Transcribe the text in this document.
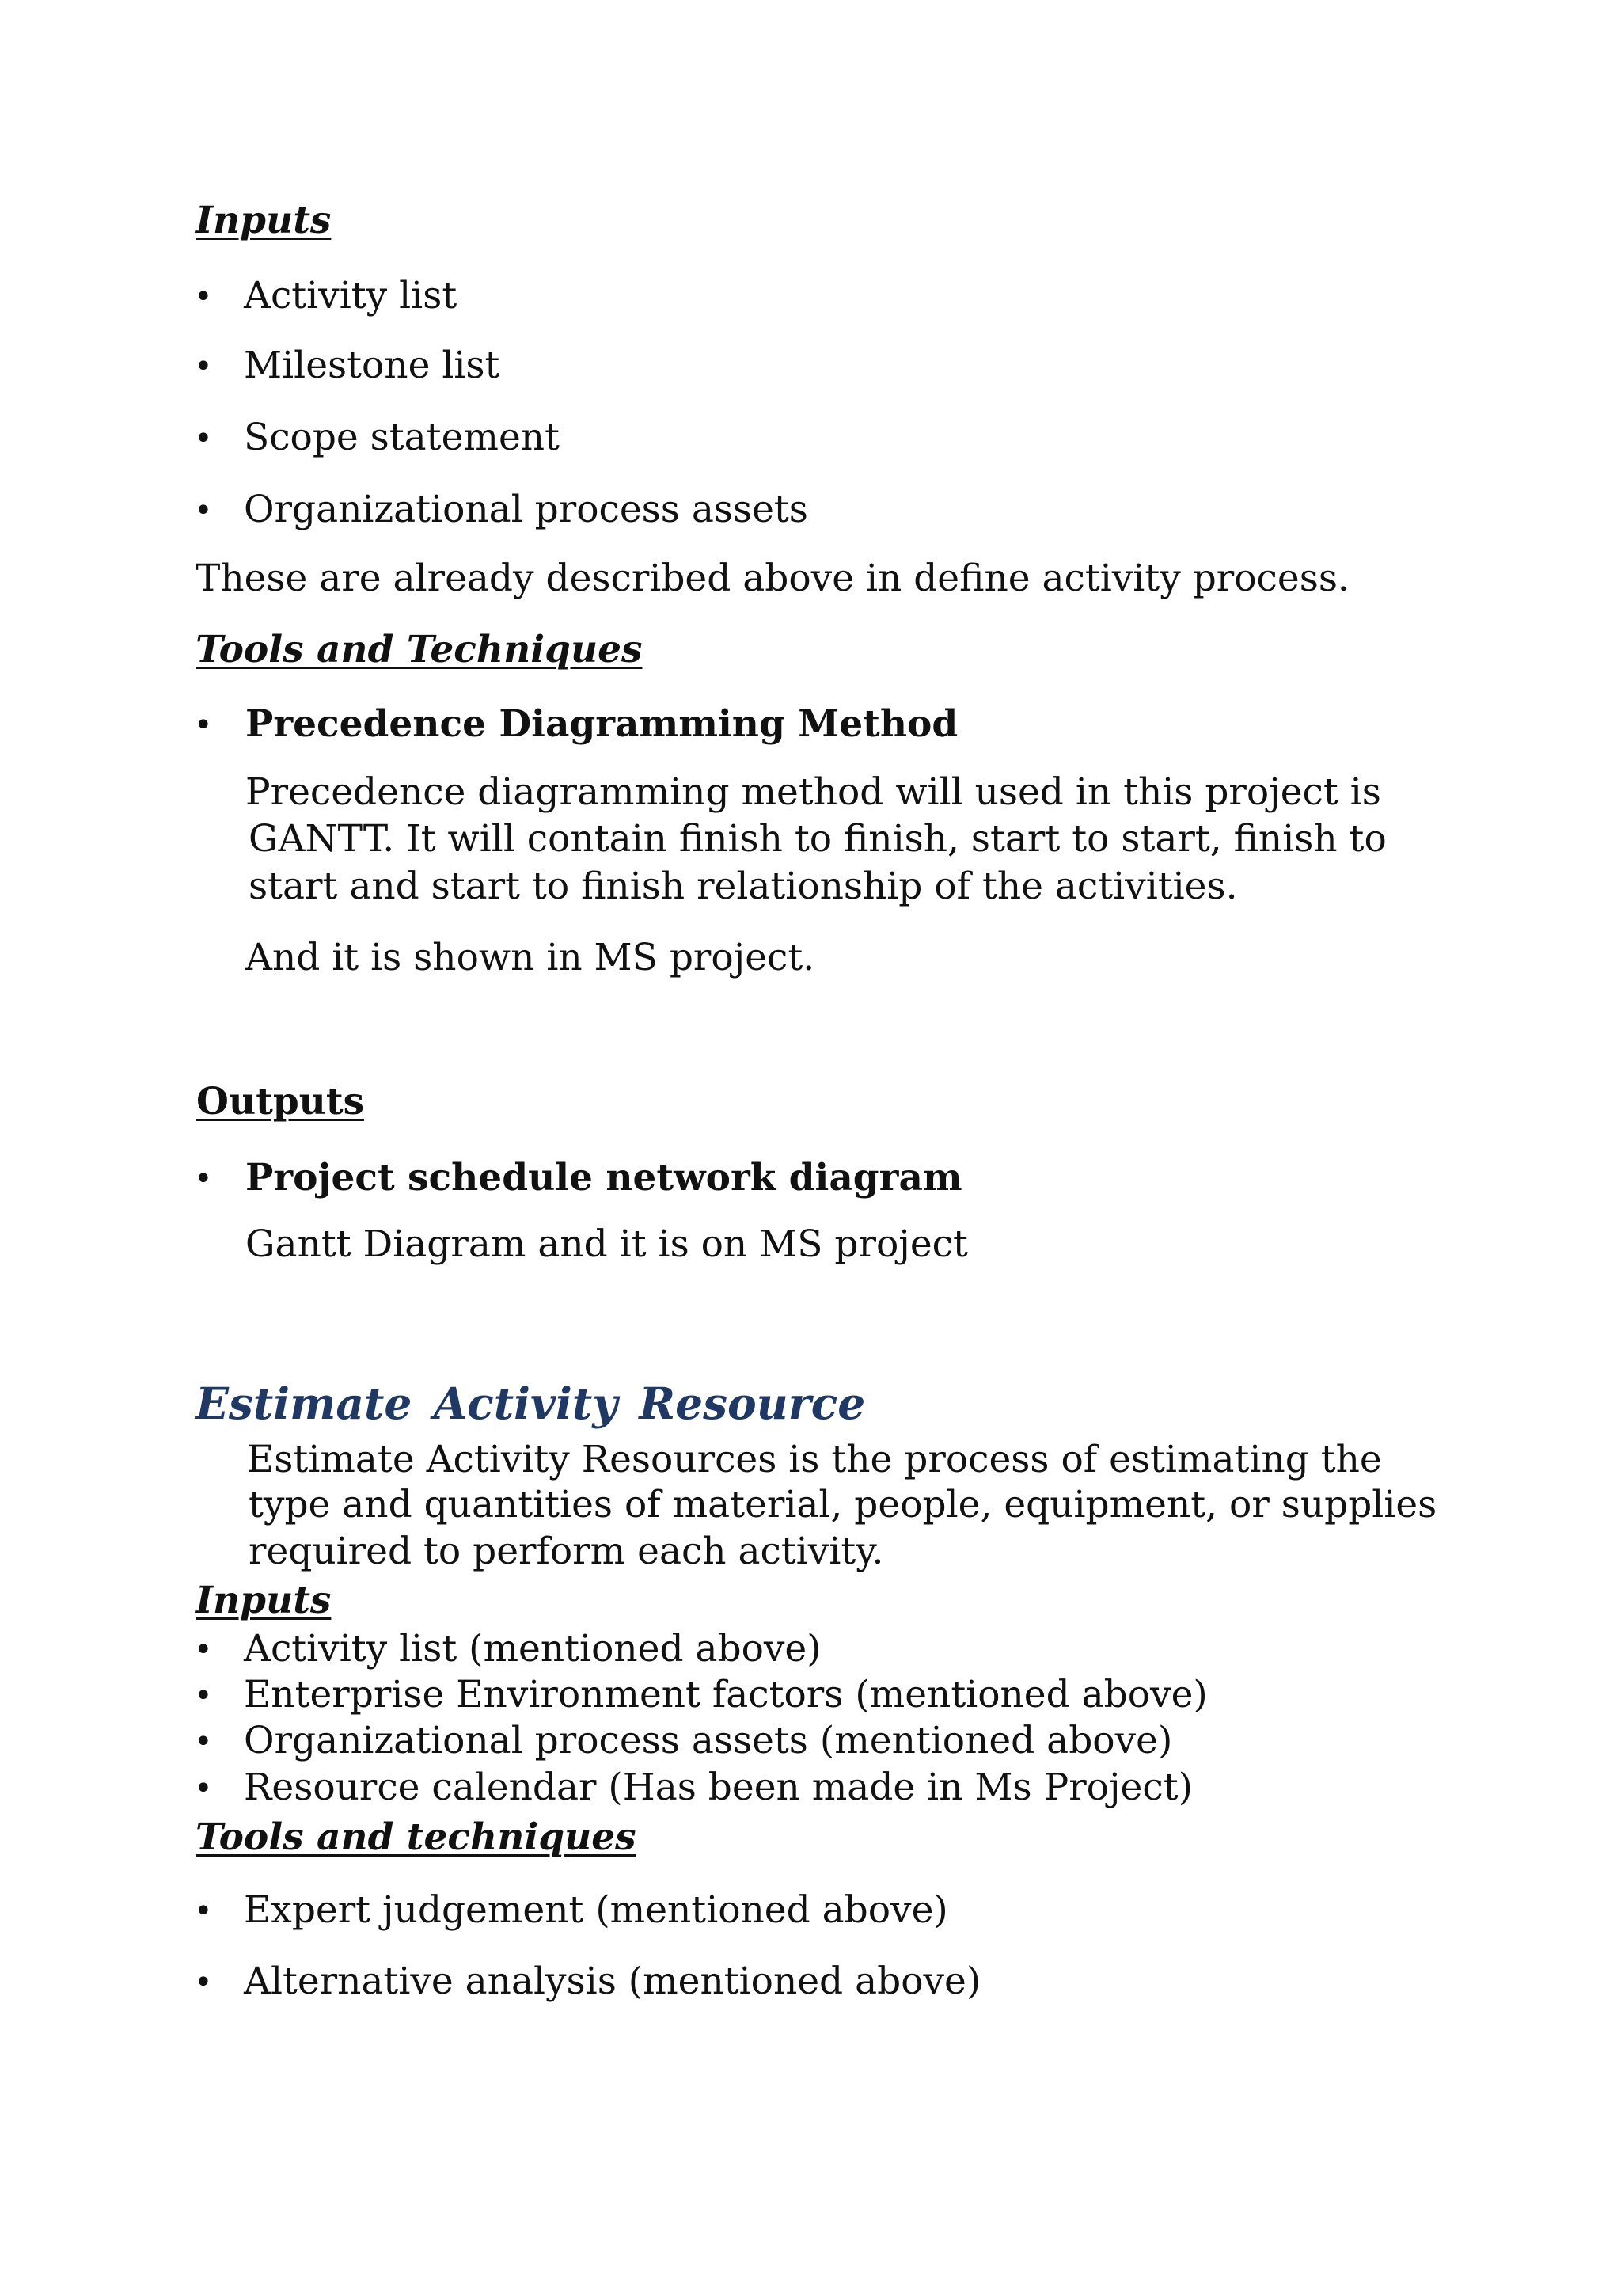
Inputs
• Activity list
• Milestone list
• Scope statement
• Organizational process assets
These are already described above in define activity process.
Tools and Techniques
• Precedence Diagramming Method
Precedence diagramming method will used in this project is
GANTT. It will contain finish to finish, start to start, finish to
start and start to finish relationship of the activities.
And it is shown in MS project.
Outputs
• Project schedule network diagram
Gantt Diagram and it is on MS project
Estimate Activity Resource
Estimate Activity Resources is the process of estimating the
type and quantities of material, people, equipment, or supplies
required to perform each activity.
Inputs
• Activity list (mentioned above)
• Enterprise Environment factors (mentioned above)
• Organizational process assets (mentioned above)
• Resource calendar (Has been made in Ms Project)
Tools and techniques
• Expert judgement (mentioned above)
• Alternative analysis (mentioned above)
